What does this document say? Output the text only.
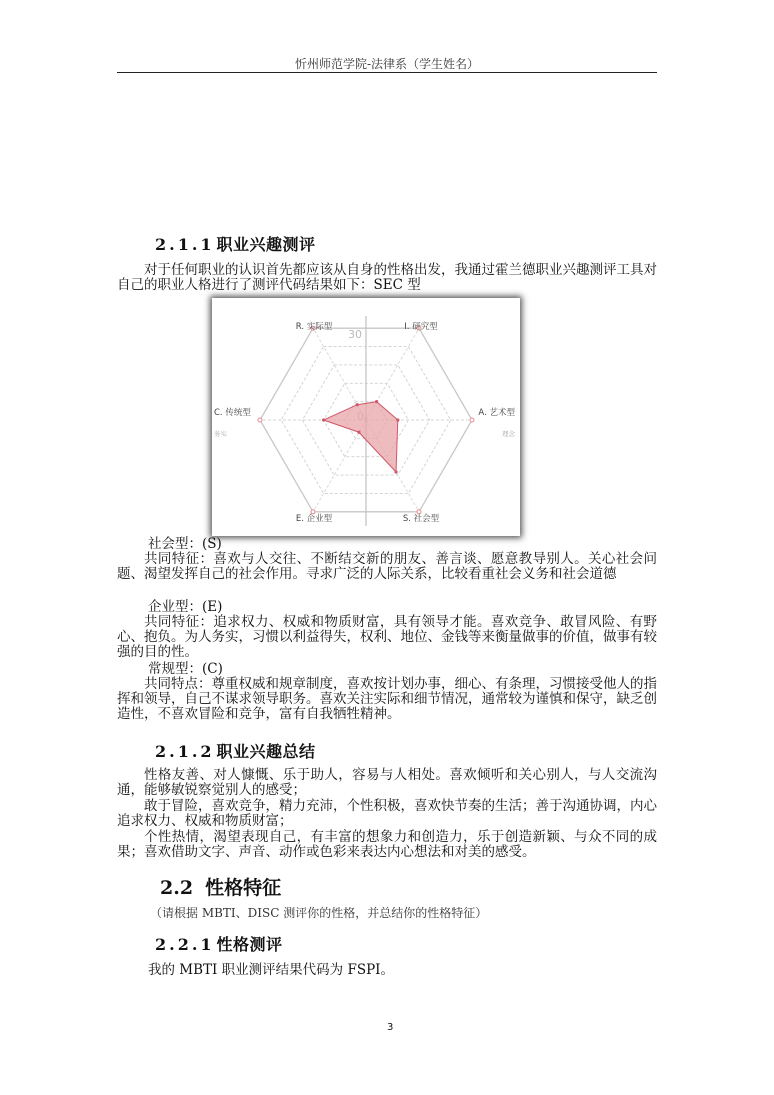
忻州师范学院-法律系（学生姓名）
2.1.1 职业兴趣测评

对于任何职业的认识首先都应该从自身的性格出发，我通过霍兰德职业兴趣测评工具对自己的职业人格进行了测评代码结果如下：SEC 型

30
R. 实际型	I. 研究型
A. 艺术型
S. 社会型
E. 企业型
C. 传统型
务实	理念
社会型：(S)

共同特征：喜欢与人交往、不断结交新的朋友、善言谈、愿意教导别人。关心社会问题、渴望发挥自己的社会作用。寻求广泛的人际关系，比较看重社会义务和社会道德

企业型：(E)

共同特征：追求权力、权威和物质财富，具有领导才能。喜欢竞争、敢冒风险、有野心、抱负。为人务实，习惯以利益得失，权利、地位、金钱等来衡量做事的价值，做事有较强的目的性。

常规型：(C)

共同特点：尊重权威和规章制度，喜欢按计划办事，细心、有条理，习惯接受他人的指挥和领导，自己不谋求领导职务。喜欢关注实际和细节情况，通常较为谨慎和保守，缺乏创造性，不喜欢冒险和竞争，富有自我牺牲精神。

2.1.2 职业兴趣总结

性格友善、对人慷慨、乐于助人，容易与人相处。喜欢倾听和关心别人，与人交流沟通，能够敏锐察觉别人的感受；

敢于冒险，喜欢竞争，精力充沛，个性积极，喜欢快节奏的生活；善于沟通协调，内心追求权力、权威和物质财富；

个性热情，渴望表现自己，有丰富的想象力和创造力，乐于创造新颖、与众不同的成果；喜欢借助文字、声音、动作或色彩来表达内心想法和对美的感受。

2.2 性格特征
（请根据 MBTI、DISC 测评你的性格，并总结你的性格特征）
2.2.1 性格测评
我的 MBTI 职业测评结果代码为 FSPI。
3
